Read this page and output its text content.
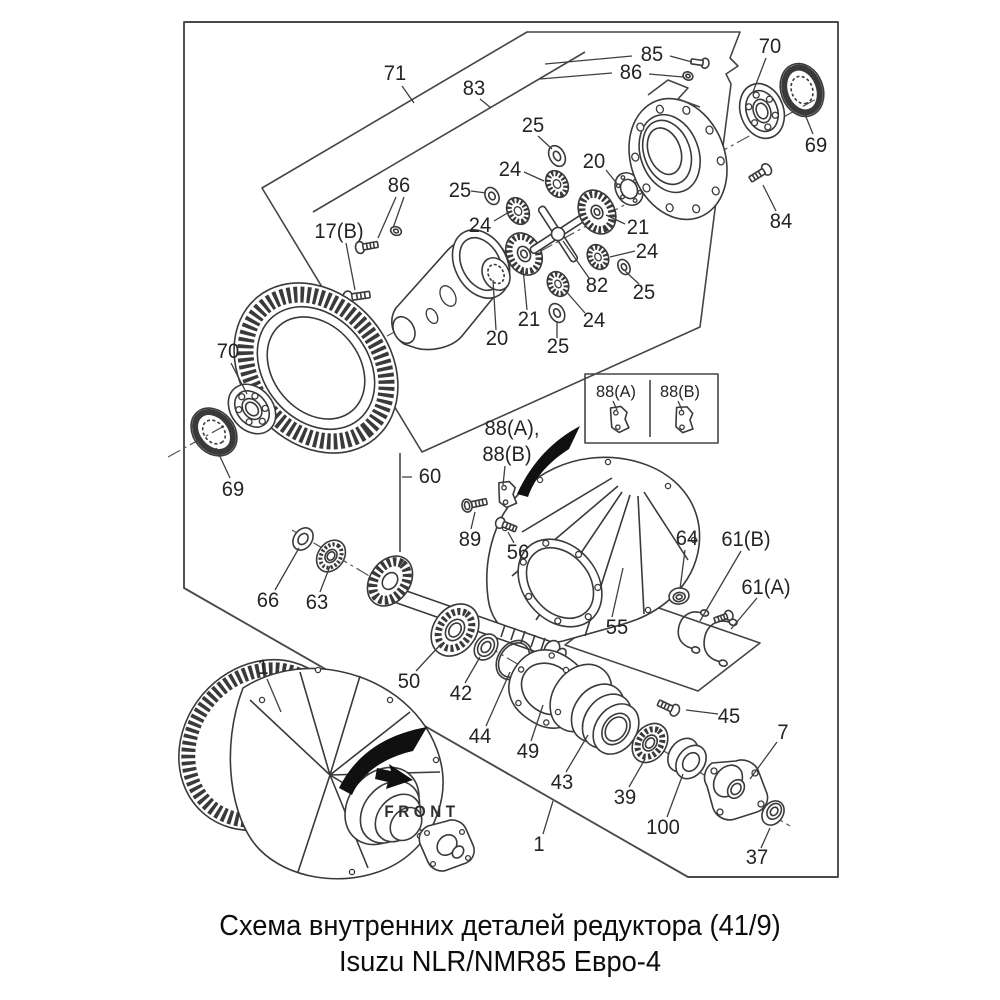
71
83
85
86
70
69
84
25
24	20
25
24	21
24
25
82
24
25
21
20
86
17(B)
70
69
60
88(A),
88(B)
88(A) 88(B)
89
56
55
64 61(B)
61(A)
66 63
1
50
42
44
49
43
39
100
7
45
37
1
FRONT
Схема внутренних деталей редуктора (41/9)
Isuzu NLR/NMR85 Евро-4
